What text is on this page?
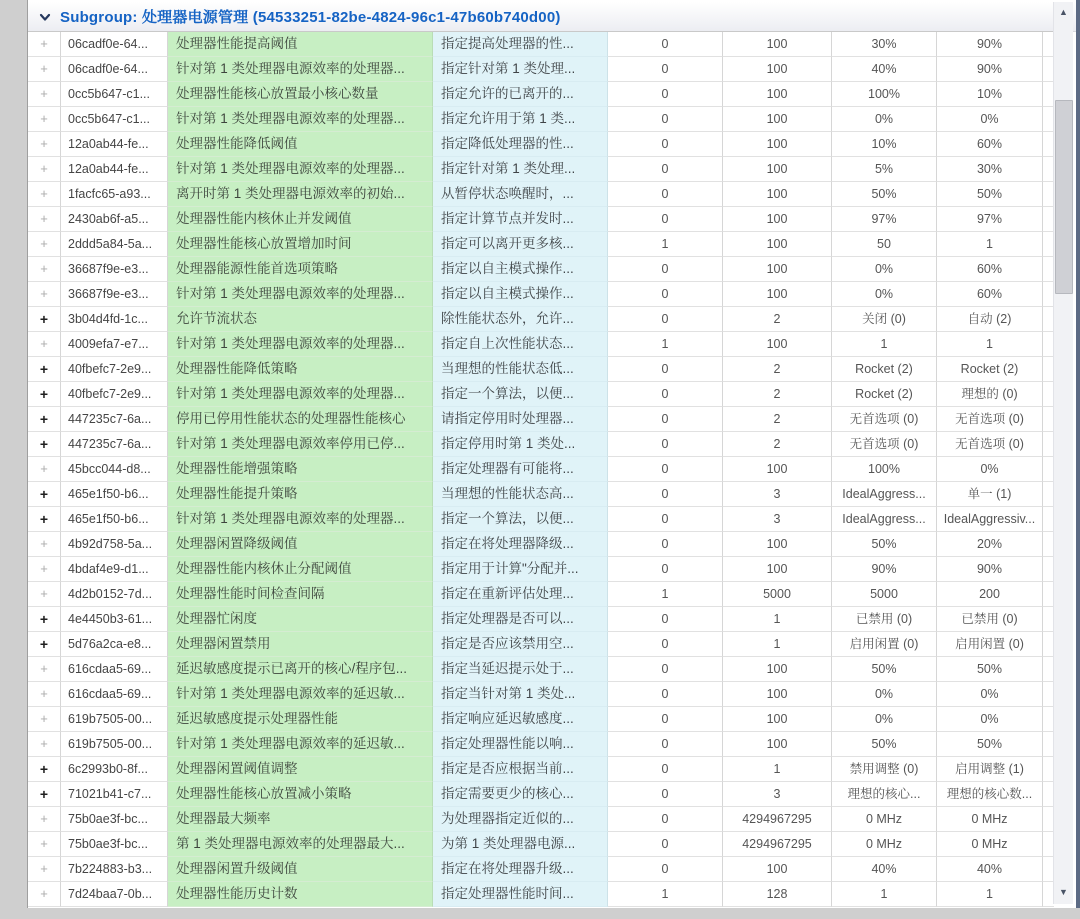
Subgroup: 处理器电源管理 (54533251-82be-4824-96c1-47b60b740d00)
+	06cadf0e-64...	处理器性能提高阈值	指定提高处理器的性...	0	100	30%	90%
+	06cadf0e-64...	针对第 1 类处理器电源效率的处理器...	指定针对第 1 类处理...	0	100	40%	90%
+	0cc5b647-c1...	处理器性能核心放置最小核心数量	指定允许的已离开的...	0	100	100%	10%
+	0cc5b647-c1...	针对第 1 类处理器电源效率的处理器...	指定允许用于第 1 类...	0	100	0%	0%
+	12a0ab44-fe...	处理器性能降低阈值	指定降低处理器的性...	0	100	10%	60%
+	12a0ab44-fe...	针对第 1 类处理器电源效率的处理器...	指定针对第 1 类处理...	0	100	5%	30%
+	1facfc65-a93...	离开时第 1 类处理器电源效率的初始...	从暂停状态唤醒时，...	0	100	50%	50%
+	2430ab6f-a5...	处理器性能内核休止并发阈值	指定计算节点并发时...	0	100	97%	97%
+	2ddd5a84-5a...	处理器性能核心放置增加时间	指定可以离开更多核...	1	100	50	1
+	36687f9e-e3...	处理器能源性能首选项策略	指定以自主模式操作...	0	100	0%	60%
+	36687f9e-e3...	针对第 1 类处理器电源效率的处理器...	指定以自主模式操作...	0	100	0%	60%
+	3b04d4fd-1c...	允许节流状态	除性能状态外，允许...	0	2	关闭 (0)	自动 (2)
+	4009efa7-e7...	针对第 1 类处理器电源效率的处理器...	指定自上次性能状态...	1	100	1	1
+	40fbefc7-2e9...	处理器性能降低策略	当理想的性能状态低...	0	2	Rocket (2)	Rocket (2)
+	40fbefc7-2e9...	针对第 1 类处理器电源效率的处理器...	指定一个算法，以便...	0	2	Rocket (2)	理想的 (0)
+	447235c7-6a...	停用已停用性能状态的处理器性能核心	请指定停用时处理器...	0	2	无首选项 (0)	无首选项 (0)
+	447235c7-6a...	针对第 1 类处理器电源效率停用已停...	指定停用时第 1 类处...	0	2	无首选项 (0)	无首选项 (0)
+	45bcc044-d8...	处理器性能增强策略	指定处理器有可能将...	0	100	100%	0%
+	465e1f50-b6...	处理器性能提升策略	当理想的性能状态高...	0	3	IdealAggress...	单一 (1)
+	465e1f50-b6...	针对第 1 类处理器电源效率的处理器...	指定一个算法，以便...	0	3	IdealAggress...	IdealAggressiv...
+	4b92d758-5a...	处理器闲置降级阈值	指定在将处理器降级...	0	100	50%	20%
+	4bdaf4e9-d1...	处理器性能内核休止分配阈值	指定用于计算"分配并...	0	100	90%	90%
+	4d2b0152-7d...	处理器性能时间检查间隔	指定在重新评估处理...	1	5000	5000	200
+	4e4450b3-61...	处理器忙闲度	指定处理器是否可以...	0	1	已禁用 (0)	已禁用 (0)
+	5d76a2ca-e8...	处理器闲置禁用	指定是否应该禁用空...	0	1	启用闲置 (0)	启用闲置 (0)
+	616cdaa5-69...	延迟敏感度提示已离开的核心/程序包...	指定当延迟提示处于...	0	100	50%	50%
+	616cdaa5-69...	针对第 1 类处理器电源效率的延迟敏...	指定当针对第 1 类处...	0	100	0%	0%
+	619b7505-00...	延迟敏感度提示处理器性能	指定响应延迟敏感度...	0	100	0%	0%
+	619b7505-00...	针对第 1 类处理器电源效率的延迟敏...	指定处理器性能以响...	0	100	50%	50%
+	6c2993b0-8f...	处理器闲置阈值调整	指定是否应根据当前...	0	1	禁用调整 (0)	启用调整 (1)
+	71021b41-c7...	处理器性能核心放置减小策略	指定需要更少的核心...	0	3	理想的核心...	理想的核心数...
+	75b0ae3f-bc...	处理器最大频率	为处理器指定近似的...	0	4294967295	0 MHz	0 MHz
+	75b0ae3f-bc...	第 1 类处理器电源效率的处理器最大...	为第 1 类处理器电源...	0	4294967295	0 MHz	0 MHz
+	7b224883-b3...	处理器闲置升级阈值	指定在将处理器升级...	0	100	40%	40%
+	7d24baa7-0b...	处理器性能历史计数	指定处理器性能时间...	1	128	1	1
▲
▼
